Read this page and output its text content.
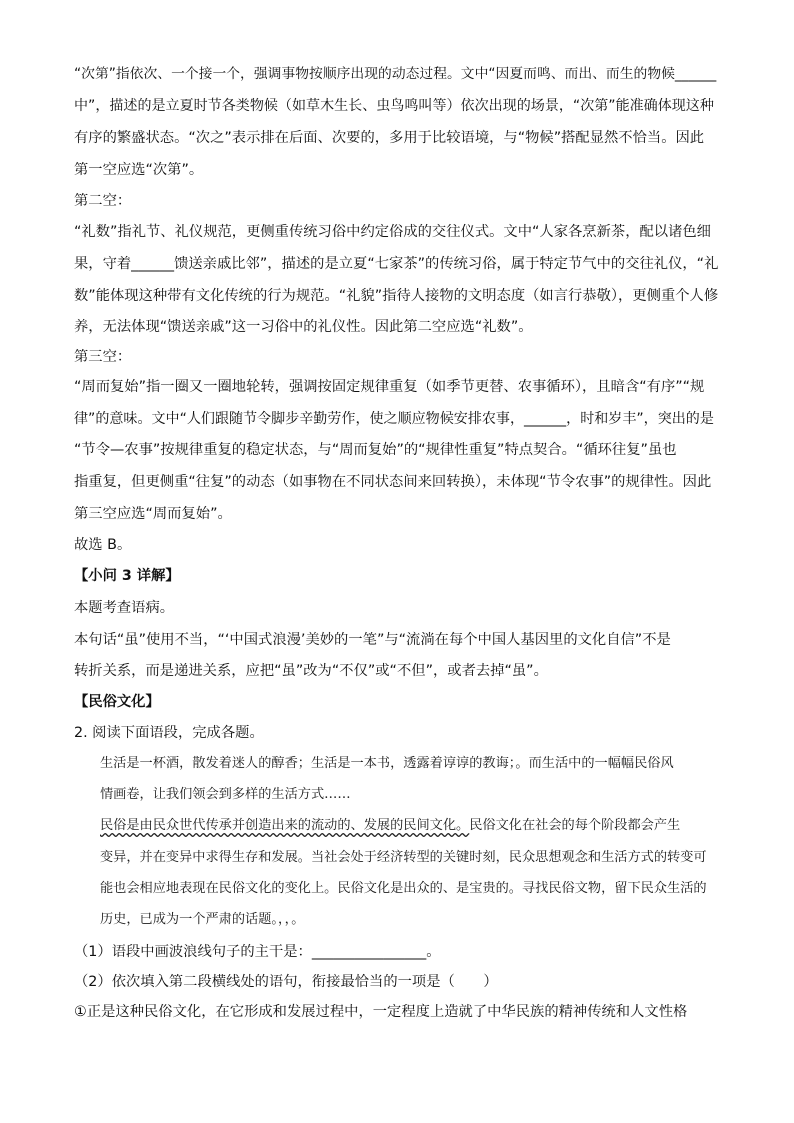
“次第”指依次、一个接一个，强调事物按顺序出现的动态过程。文中“因夏而鸣、而出、而生的物候______

中”，描述的是立夏时节各类物候（如草木生长、虫鸟鸣叫等）依次出现的场景，“次第”能准确体现这种

有序的繁盛状态。“次之”表示排在后面、次要的，多用于比较语境，与“物候”搭配显然不恰当。因此

第一空应选“次第”。

第二空：

“礼数”指礼节、礼仪规范，更侧重传统习俗中约定俗成的交往仪式。文中“人家各烹新茶，配以诸色细

果，守着______馈送亲戚比邻”，描述的是立夏“七家茶”的传统习俗，属于特定节气中的交往礼仪，“礼

数”能体现这种带有文化传统的行为规范。“礼貌”指待人接物的文明态度（如言行恭敬），更侧重个人修

养，无法体现“馈送亲戚”这一习俗中的礼仪性。因此第二空应选“礼数”。

第三空：

“周而复始”指一圈又一圈地轮转，强调按固定规律重复（如季节更替、农事循环），且暗含“有序”“规

律”的意味。文中“人们跟随节令脚步辛勤劳作，使之顺应物候安排农事，______，时和岁丰”，突出的是

“节令—农事”按规律重复的稳定状态，与“周而复始”的“规律性重复”特点契合。“循环往复”虽也

指重复，但更侧重“往复”的动态（如事物在不同状态间来回转换），未体现“节令农事”的规律性。因此

第三空应选“周而复始”。

故选 B。

【小问 3 详解】

本题考查语病。

本句话“虽”使用不当，“‘中国式浪漫’美妙的一笔”与“流淌在每个中国人基因里的文化自信”不是

转折关系，而是递进关系，应把“虽”改为“不仅”或“不但”，或者去掉“虽”。

【民俗文化】

2. 阅读下面语段，完成各题。

生活是一杯酒，散发着迷人的醇香；生活是一本书，透露着谆谆的教诲；。而生活中的一幅幅民俗风

情画卷，让我们领会到多样的生活方式……

民俗是由民众世代传承并创造出来的流动的、发展的民间文化。民俗文化在社会的每个阶段都会产生

变异，并在变异中求得生存和发展。当社会处于经济转型的关键时刻，民众思想观念和生活方式的转变可

能也会相应地表现在民俗文化的变化上。民俗文化是出众的、是宝贵的。寻找民俗文物，留下民众生活的

历史，已成为一个严肃的话题。，，。

（1）语段中画波浪线句子的主干是：________________。

（2）依次填入第二段横线处的语句，衔接最恰当的一项是（　　）

①正是这种民俗文化，在它形成和发展过程中，一定程度上造就了中华民族的精神传统和人文性格
